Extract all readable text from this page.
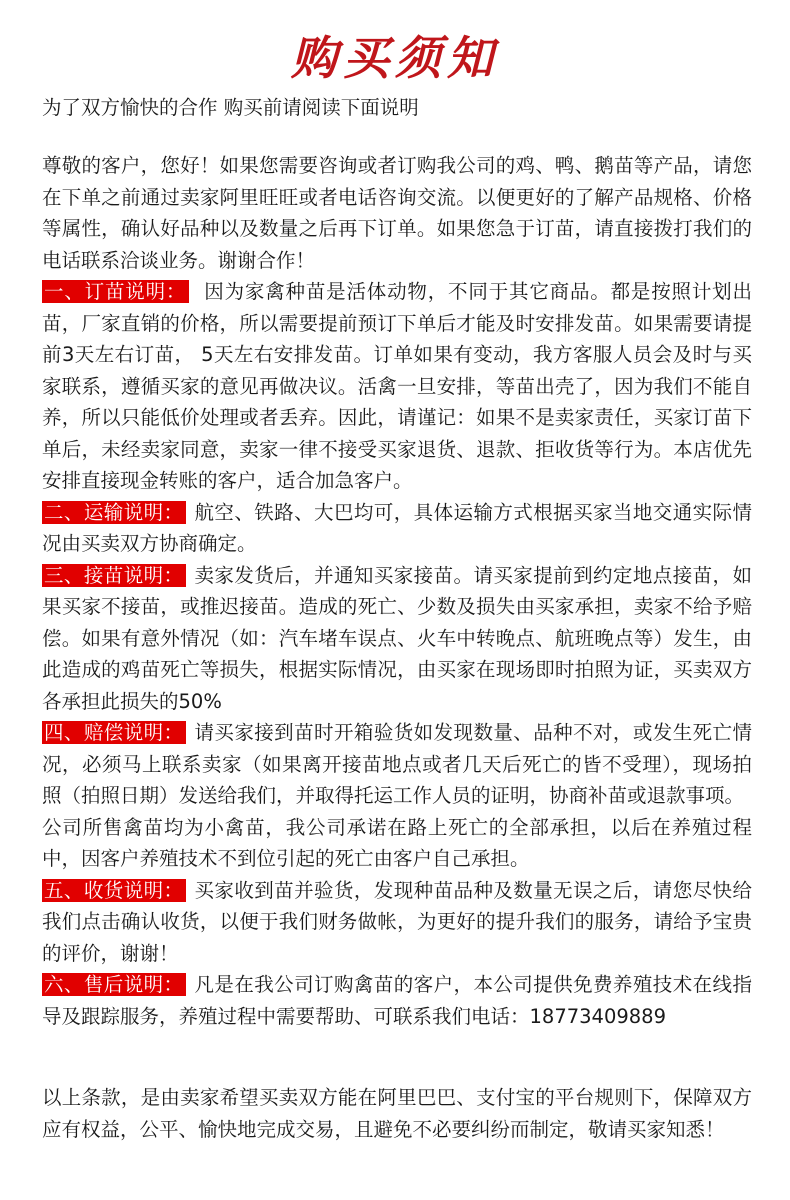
购买须知
为了双方愉快的合作 购买前请阅读下面说明

尊敬的客户，您好！如果您需要咨询或者订购我公司的鸡、鸭、鹅苗等产品，请您在下单之前通过卖家阿里旺旺或者电话咨询交流。以便更好的了解产品规格、价格等属性，确认好品种以及数量之后再下订单。如果您急于订苗，请直接拨打我们的电话联系洽谈业务。谢谢合作！

一、订苗说明： 因为家禽种苗是活体动物，不同于其它商品。都是按照计划出苗，厂家直销的价格，所以需要提前预订下单后才能及时安排发苗。如果需要请提前3天左右订苗， 5天左右安排发苗。订单如果有变动，我方客服人员会及时与买家联系，遵循买家的意见再做决议。活禽一旦安排，等苗出壳了，因为我们不能自养，所以只能低价处理或者丢弃。因此，请谨记：如果不是卖家责任，买家订苗下单后，未经卖家同意，卖家一律不接受买家退货、退款、拒收货等行为。本店优先安排直接现金转账的客户，适合加急客户。

二、运输说明： 航空、铁路、大巴均可，具体运输方式根据买家当地交通实际情况由买卖双方协商确定。

三、接苗说明： 卖家发货后，并通知买家接苗。请买家提前到约定地点接苗，如果买家不接苗，或推迟接苗。造成的死亡、少数及损失由买家承担，卖家不给予赔偿。如果有意外情况（如：汽车堵车误点、火车中转晚点、航班晚点等）发生，由此造成的鸡苗死亡等损失，根据实际情况，由买家在现场即时拍照为证，买卖双方各承担此损失的50%

四、赔偿说明： 请买家接到苗时开箱验货如发现数量、品种不对，或发生死亡情况，必须马上联系卖家（如果离开接苗地点或者几天后死亡的皆不受理），现场拍照（拍照日期）发送给我们，并取得托运工作人员的证明，协商补苗或退款事项。

公司所售禽苗均为小禽苗，我公司承诺在路上死亡的全部承担，以后在养殖过程中，因客户养殖技术不到位引起的死亡由客户自己承担。

五、收货说明： 买家收到苗并验货，发现种苗品种及数量无误之后，请您尽快给我们点击确认收货，以便于我们财务做帐，为更好的提升我们的服务，请给予宝贵的评价，谢谢！

六、售后说明： 凡是在我公司订购禽苗的客户，本公司提供免费养殖技术在线指导及跟踪服务，养殖过程中需要帮助、可联系我们电话：18773409889

以上条款，是由卖家希望买卖双方能在阿里巴巴、支付宝的平台规则下，保障双方应有权益，公平、愉快地完成交易，且避免不必要纠纷而制定，敬请买家知悉！
